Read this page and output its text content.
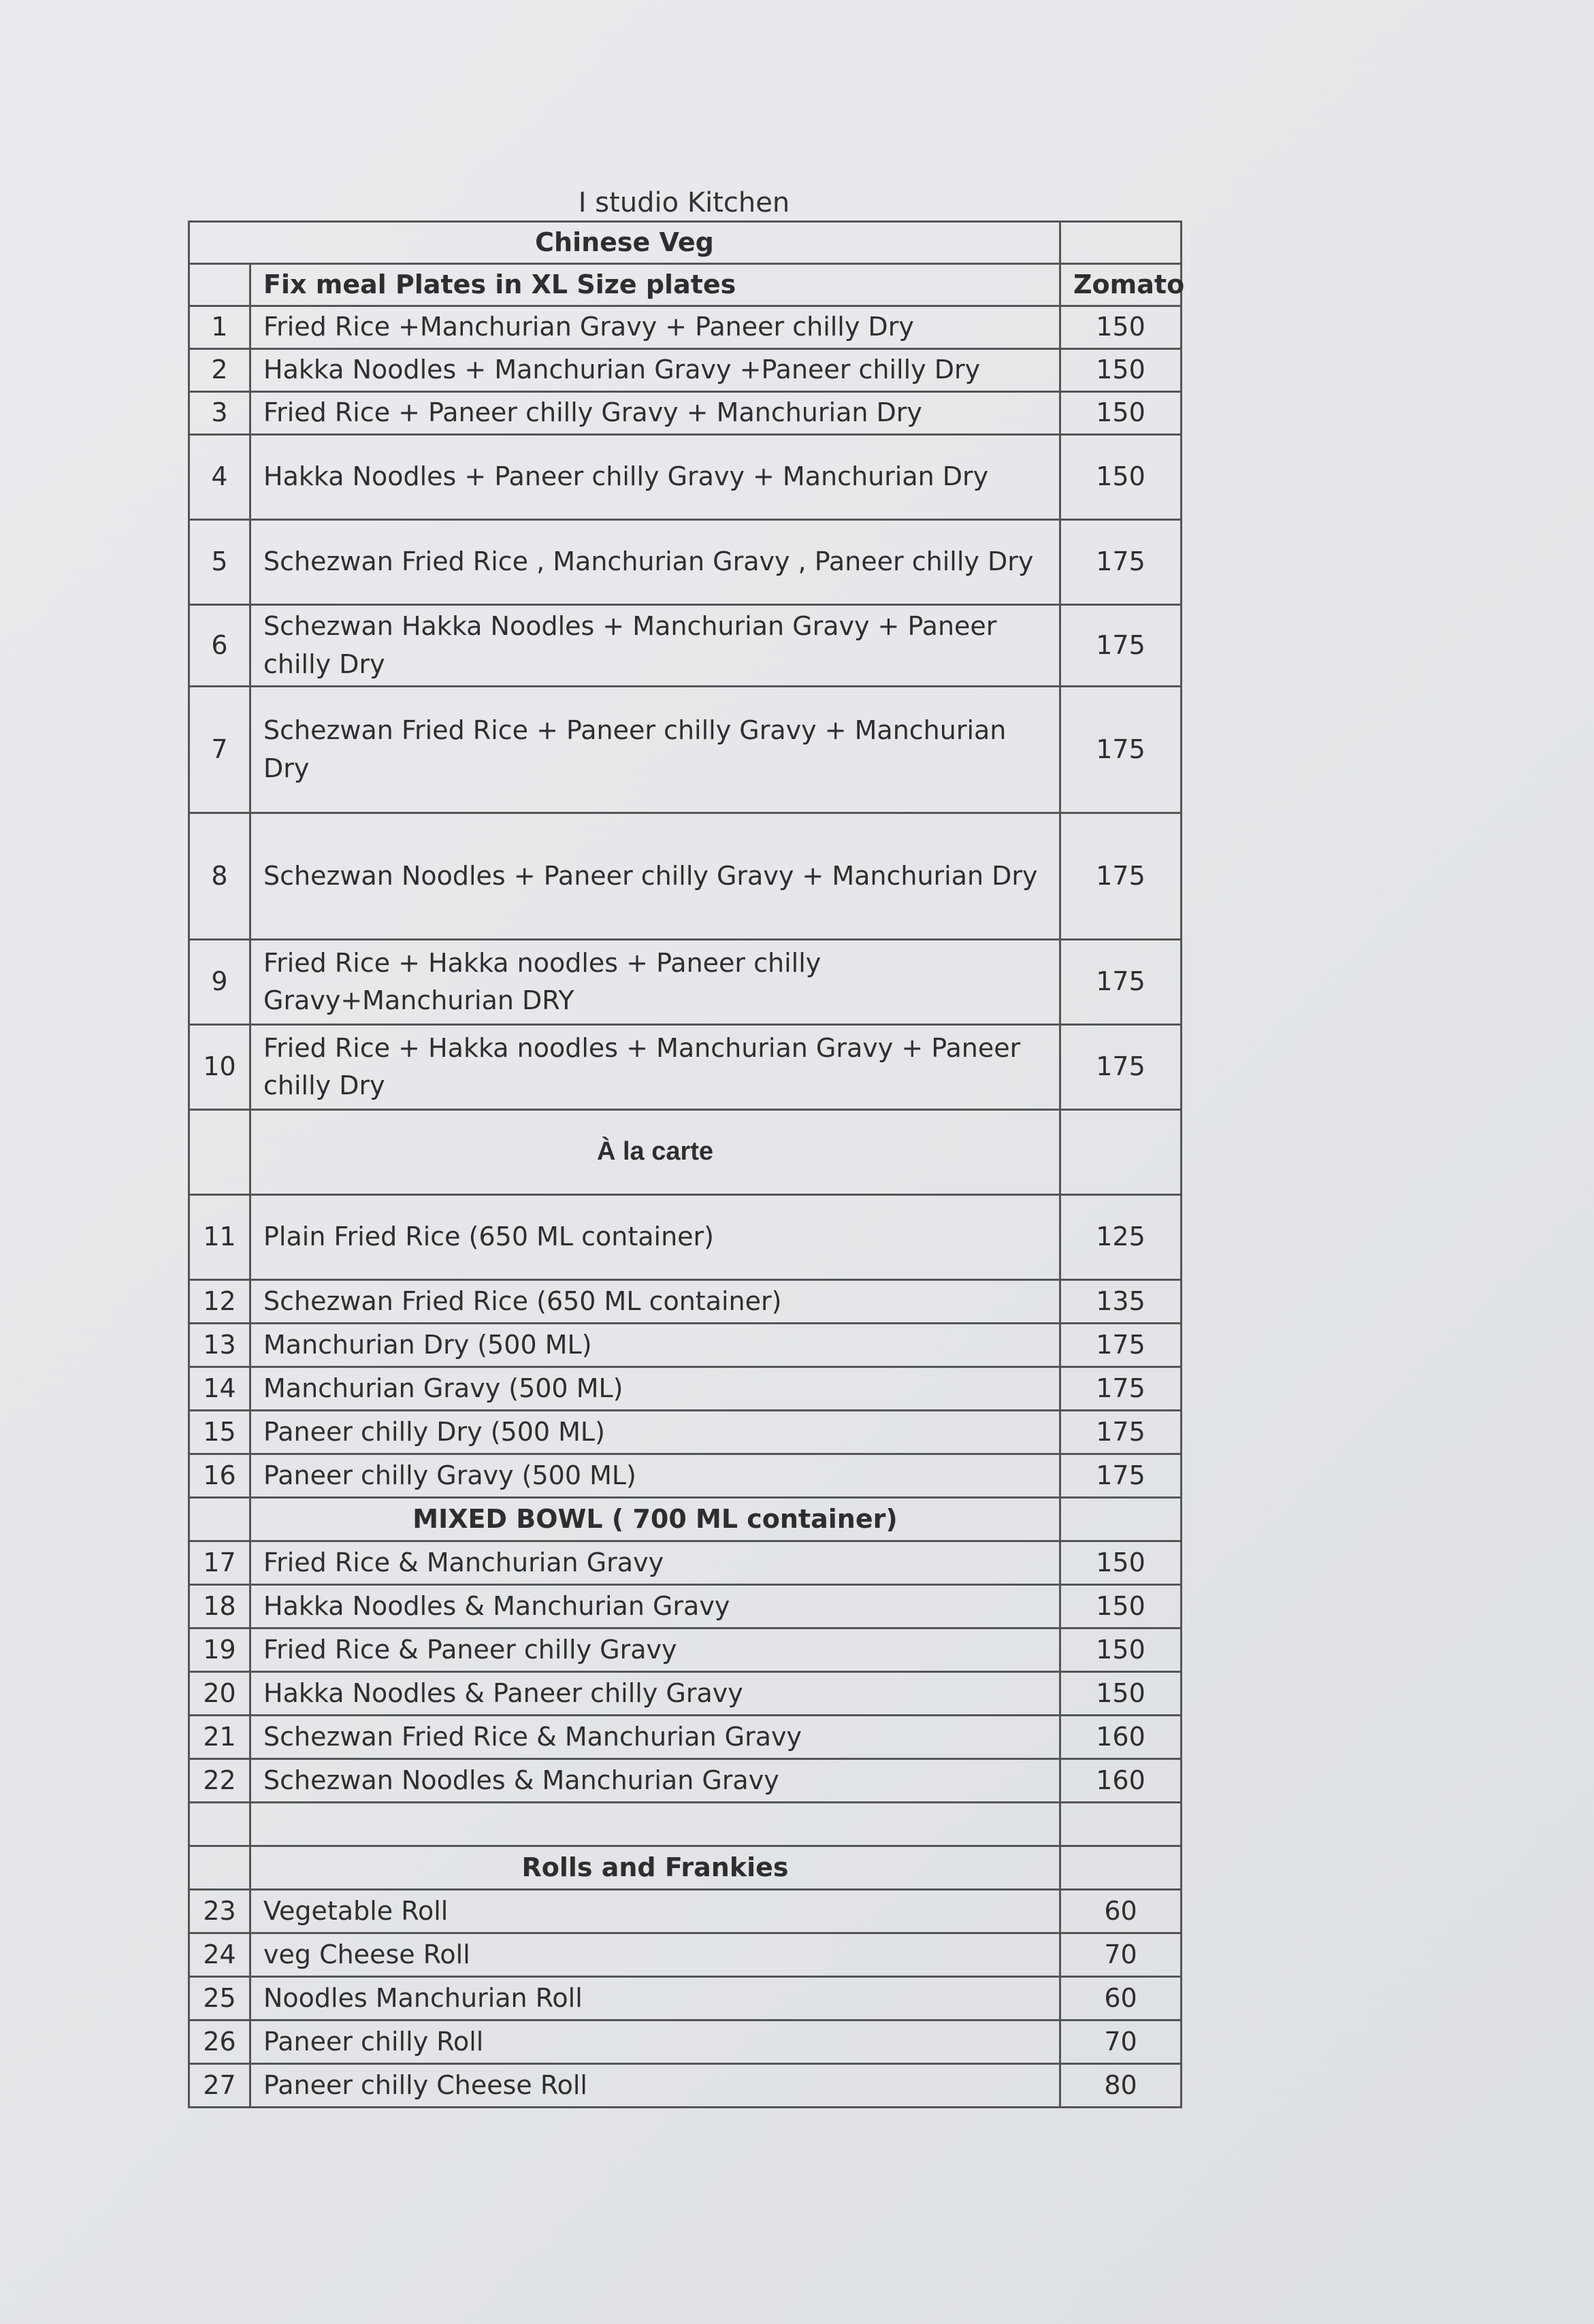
I studio Kitchen
Chinese Veg		
	Fix meal Plates in XL Size plates	Zomato
1	Fried Rice +Manchurian Gravy + Paneer chilly Dry	150
2	Hakka Noodles + Manchurian Gravy +Paneer chilly Dry	150
3	Fried Rice + Paneer chilly Gravy + Manchurian Dry	150
4	Hakka Noodles + Paneer chilly Gravy + Manchurian Dry	150
5	Schezwan Fried Rice , Manchurian Gravy , Paneer chilly Dry	175
6	Schezwan Hakka Noodles + Manchurian Gravy + Paneer chilly Dry	175
7	Schezwan Fried Rice + Paneer chilly Gravy + Manchurian Dry	175
8	Schezwan Noodles + Paneer chilly Gravy + Manchurian Dry	175
9	Fried Rice + Hakka noodles + Paneer chilly Gravy+Manchurian DRY	175
10	Fried Rice + Hakka noodles + Manchurian Gravy + Paneer chilly Dry	175
	À la carte	
11	Plain Fried Rice (650 ML container)	125
12	Schezwan Fried Rice (650 ML container)	135
13	Manchurian Dry (500 ML)	175
14	Manchurian Gravy (500 ML)	175
15	Paneer chilly Dry (500 ML)	175
16	Paneer chilly Gravy (500 ML)	175
	MIXED BOWL ( 700 ML container)	
17	Fried Rice & Manchurian Gravy	150
18	Hakka Noodles & Manchurian Gravy	150
19	Fried Rice & Paneer chilly Gravy	150
20	Hakka Noodles & Paneer chilly Gravy	150
21	Schezwan Fried Rice & Manchurian Gravy	160
22	Schezwan Noodles & Manchurian Gravy	160

	Rolls and Frankies	
23	Vegetable Roll	60
24	veg Cheese Roll	70
25	Noodles Manchurian Roll	60
26	Paneer chilly Roll	70
27	Paneer chilly Cheese Roll	80
